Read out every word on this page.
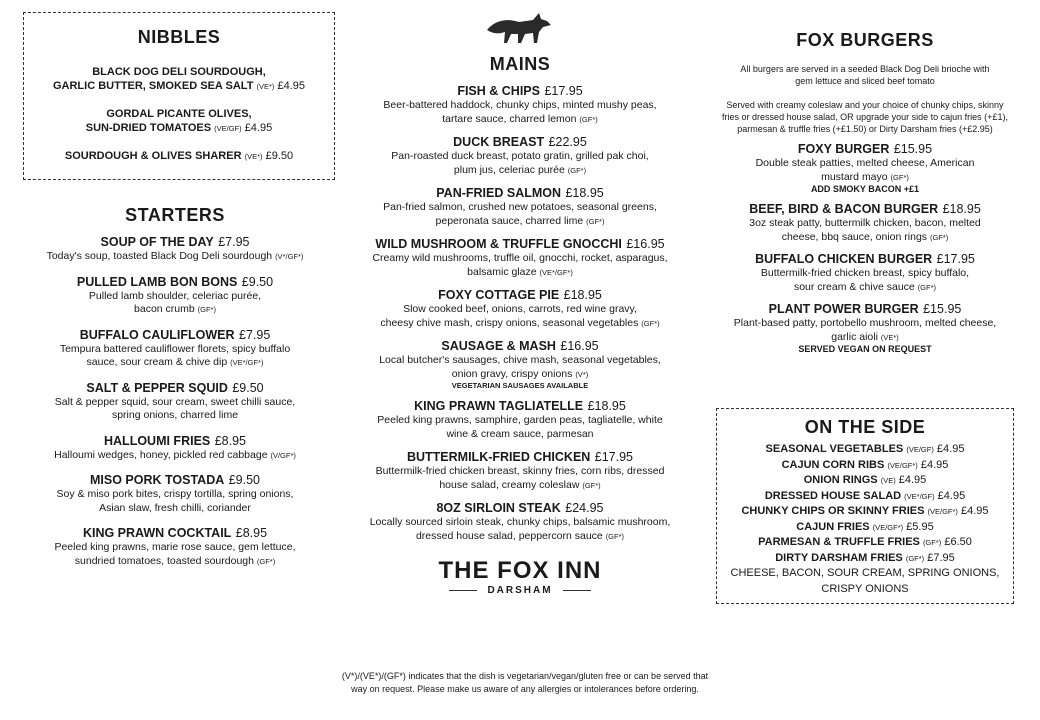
NIBBLES

BLACK DOG DELI SOURDOUGH,
GARLIC BUTTER, SMOKED SEA SALT (VE*) £4.95
GORDAL PICANTE OLIVES,
SUN-DRIED TOMATOES (VE/GF) £4.95
SOURDOUGH & OLIVES SHARER (VE*) £9.50

STARTERS

SOUP OF THE DAY £7.95
Today's soup, toasted Black Dog Deli sourdough (V*/GF*)
PULLED LAMB BON BONS £9.50
Pulled lamb shoulder, celeriac purée,
bacon crumb (GF*)
BUFFALO CAULIFLOWER £7.95
Tempura battered cauliflower florets, spicy buffalo
sauce, sour cream & chive dip (VE*/GF*)
SALT & PEPPER SQUID £9.50
Salt & pepper squid, sour cream, sweet chilli sauce,
spring onions, charred lime
HALLOUMI FRIES £8.95
Halloumi wedges, honey, pickled red cabbage (V/GF*)
MISO PORK TOSTADA £9.50
Soy & miso pork bites, crispy tortilla, spring onions,
Asian slaw, fresh chilli, coriander
KING PRAWN COCKTAIL £8.95
Peeled king prawns, marie rose sauce, gem lettuce,
sundried tomatoes, toasted sourdough (GF*)

MAINS

FISH & CHIPS £17.95
Beer-battered haddock, chunky chips, minted mushy peas,
tartare sauce, charred lemon (GF*)
DUCK BREAST £22.95
Pan-roasted duck breast, potato gratin, grilled pak choi,
plum jus, celeriac purée (GF*)
PAN-FRIED SALMON £18.95
Pan-fried salmon, crushed new potatoes, seasonal greens,
peperonata sauce, charred lime (GF*)
WILD MUSHROOM & TRUFFLE GNOCCHI £16.95
Creamy wild mushrooms, truffle oil, gnocchi, rocket, asparagus,
balsamic glaze (VE*/GF*)
FOXY COTTAGE PIE £18.95
Slow cooked beef, onions, carrots, red wine gravy,
cheesy chive mash, crispy onions, seasonal vegetables (GF*)
SAUSAGE & MASH £16.95
Local butcher's sausages, chive mash, seasonal vegetables,
onion gravy, crispy onions (V*)
VEGETARIAN SAUSAGES AVAILABLE
KING PRAWN TAGLIATELLE £18.95
Peeled king prawns, samphire, garden peas, tagliatelle, white
wine & cream sauce, parmesan
BUTTERMILK-FRIED CHICKEN £17.95
Buttermilk-fried chicken breast, skinny fries, corn ribs, dressed
house salad, creamy coleslaw (GF*)
8OZ SIRLOIN STEAK £24.95
Locally sourced sirloin steak, chunky chips, balsamic mushroom,
dressed house salad, peppercorn sauce (GF*)
THE FOX INN
DARSHAM
(V*)/(VE*)/(GF*) indicates that the dish is vegetarian/vegan/gluten free or can be served that
way on request. Please make us aware of any allergies or intolerances before ordering.

FOX BURGERS

All burgers are served in a seeded Black Dog Deli brioche with
gem lettuce and sliced beef tomato
Served with creamy coleslaw and your choice of chunky chips, skinny
fries or dressed house salad, OR upgrade your side to cajun fries (+£1),
parmesan & truffle fries (+£1.50) or Dirty Darsham fries (+£2.95)
FOXY BURGER £15.95
Double steak patties, melted cheese, American
mustard mayo (GF*)
ADD SMOKY BACON +£1
BEEF, BIRD & BACON BURGER £18.95
3oz steak patty, buttermilk chicken, bacon, melted
cheese, bbq sauce, onion rings (GF*)
BUFFALO CHICKEN BURGER £17.95
Buttermilk-fried chicken breast, spicy buffalo,
sour cream & chive sauce (GF*)
PLANT POWER BURGER £15.95
Plant-based patty, portobello mushroom, melted cheese,
garlic aioli (VE*)
SERVED VEGAN ON REQUEST

ON THE SIDE

SEASONAL VEGETABLES (VE/GF) £4.95
CAJUN CORN RIBS (VE/GF*) £4.95
ONION RINGS (VE) £4.95
DRESSED HOUSE SALAD (VE*/GF) £4.95
CHUNKY CHIPS OR SKINNY FRIES (VE/GF*) £4.95
CAJUN FRIES (VE/GF*) £5.95
PARMESAN & TRUFFLE FRIES (GF*) £6.50
DIRTY DARSHAM FRIES (GF*) £7.95
CHEESE, BACON, SOUR CREAM, SPRING ONIONS,
CRISPY ONIONS
